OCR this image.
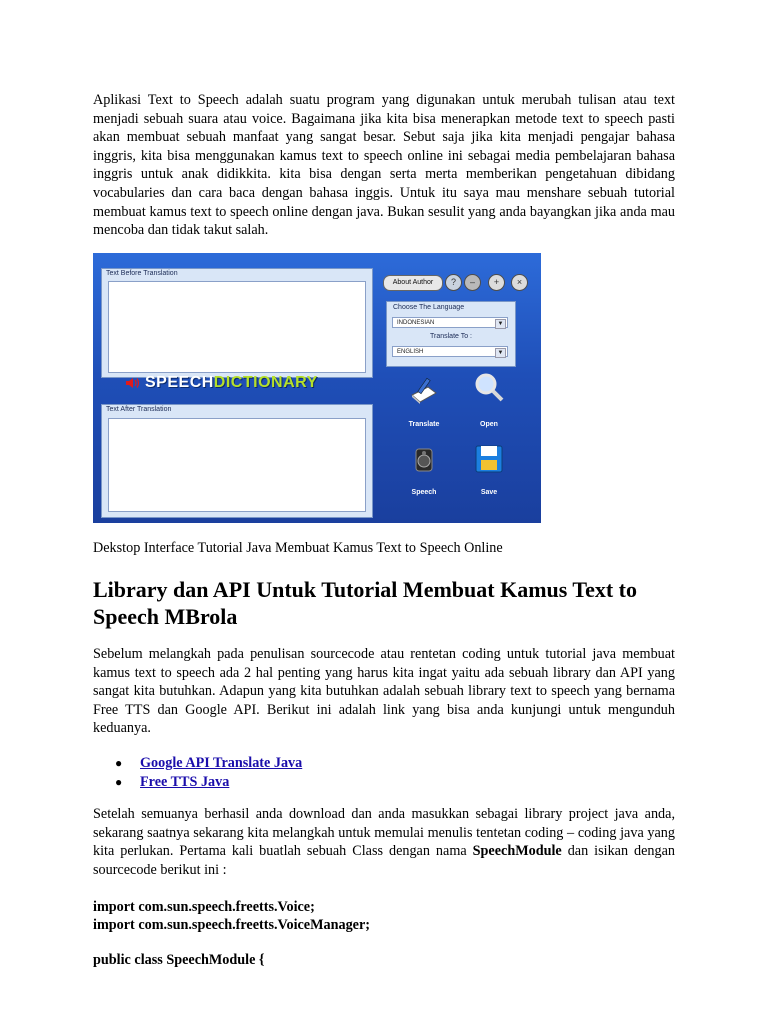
Aplikasi Text to Speech adalah suatu program yang digunakan untuk merubah tulisan atau text menjadi sebuah suara atau voice. Bagaimana jika kita bisa menerapkan metode text to speech pasti akan membuat sebuah manfaat yang sangat besar. Sebut saja jika kita menjadi pengajar bahasa inggris, kita bisa menggunakan kamus text to speech online ini sebagai media pembelajaran bahasa inggris untuk anak didikkita. kita bisa dengan serta merta memberikan pengetahuan dibidang vocabularies dan cara baca dengan bahasa inggis. Untuk itu saya mau menshare sebuah tutorial membuat kamus text to speech online dengan java. Bukan sesulit yang anda bayangkan jika anda mau mencoba dan tidak takut salah.

Text Before Translation
SPEECHDICTIONARY
Text After Translation
About Author	?	–	+	×
Choose The Language
INDONESIAN	▼
Translate To :
ENGLISH	▼
Translate	Open
Speech	Save

Dekstop Interface Tutorial Java Membuat Kamus Text to Speech Online

Library dan API Untuk Tutorial Membuat Kamus Text to Speech MBrola

Sebelum melangkah pada penulisan sourcecode atau rentetan coding untuk tutorial java membuat kamus text to speech ada 2 hal penting yang harus kita ingat yaitu ada sebuah library dan API yang sangat kita butuhkan. Adapun yang kita butuhkan adalah sebuah library text to speech yang bernama Free TTS dan Google API. Berikut ini adalah link yang bisa anda kunjungi untuk mengunduh keduanya.

● Google API Translate Java
● Free TTS Java

Setelah semuanya berhasil anda download dan anda masukkan sebagai library project java anda, sekarang saatnya sekarang kita melangkah untuk memulai menulis tentetan coding – coding java yang kita perlukan. Pertama kali buatlah sebuah Class dengan nama SpeechModule dan isikan dengan sourcecode berikut ini :

import com.sun.speech.freetts.Voice;

import com.sun.speech.freetts.VoiceManager;

public class SpeechModule {
